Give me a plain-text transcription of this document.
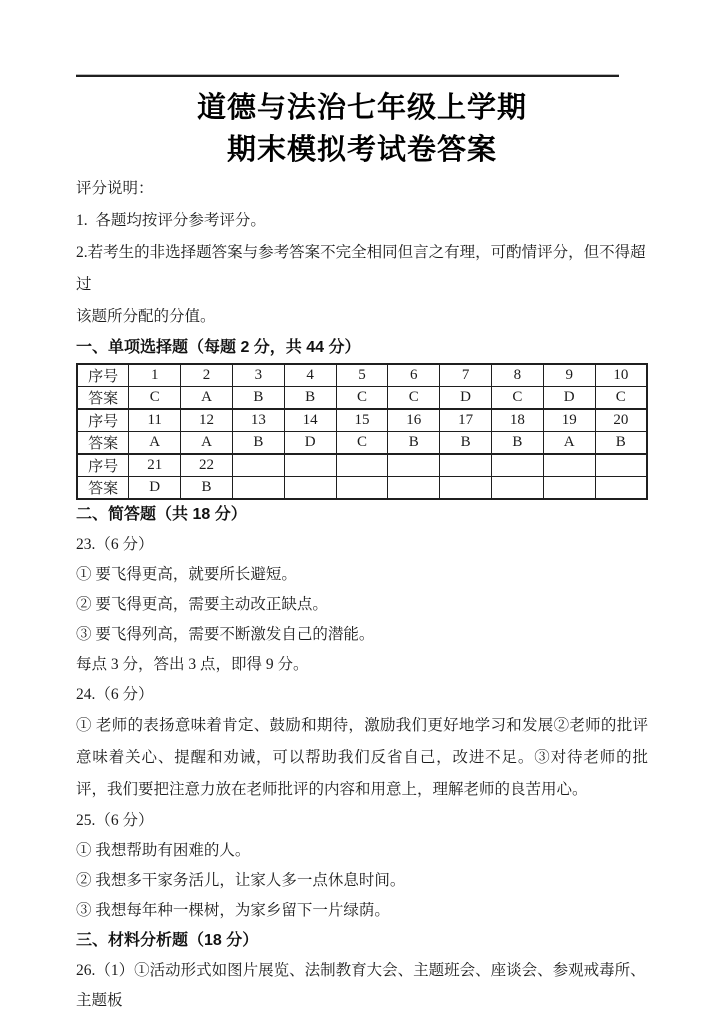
道德与法治七年级上学期
期末模拟考试卷答案
评分说明：
1.  各题均按评分参考评分。
2.若考生的非选择题答案与参考答案不完全相同但言之有理，可酌情评分，但不得超过
该题所分配的分值。
一、单项选择题（每题 2 分，共 44 分）
序号	1	2	3	4	5	6	7	8	9	10
答案	C	A	B	B	C	C	D	C	D	C
序号	11	12	13	14	15	16	17	18	19	20
答案	A	A	B	D	C	B	B	B	A	B
序号	21	22								
答案	D	B								
二、简答题（共 18 分）
23.（6 分）
① 要飞得更高，就要所长避短。
② 要飞得更高，需要主动改正缺点。
③ 要飞得列高，需要不断激发自己的潜能。
每点 3 分，答出 3 点，即得 9 分。
24.（6 分）
① 老师的表扬意味着肯定、鼓励和期待，激励我们更好地学习和发展②老师的批评意味着关心、提醒和劝诫，可以帮助我们反省自己，改进不足。③对待老师的批评，我们要把注意力放在老师批评的内容和用意上，理解老师的良苦用心。
25.（6 分）
① 我想帮助有困难的人。
② 我想多干家务活儿，让家人多一点休息时间。
③ 我想每年种一棵树，为家乡留下一片绿荫。
三、材料分析题（18 分）
26.（1）①活动形式如图片展览、法制教育大会、主题班会、座谈会、参观戒毒所、主题板
